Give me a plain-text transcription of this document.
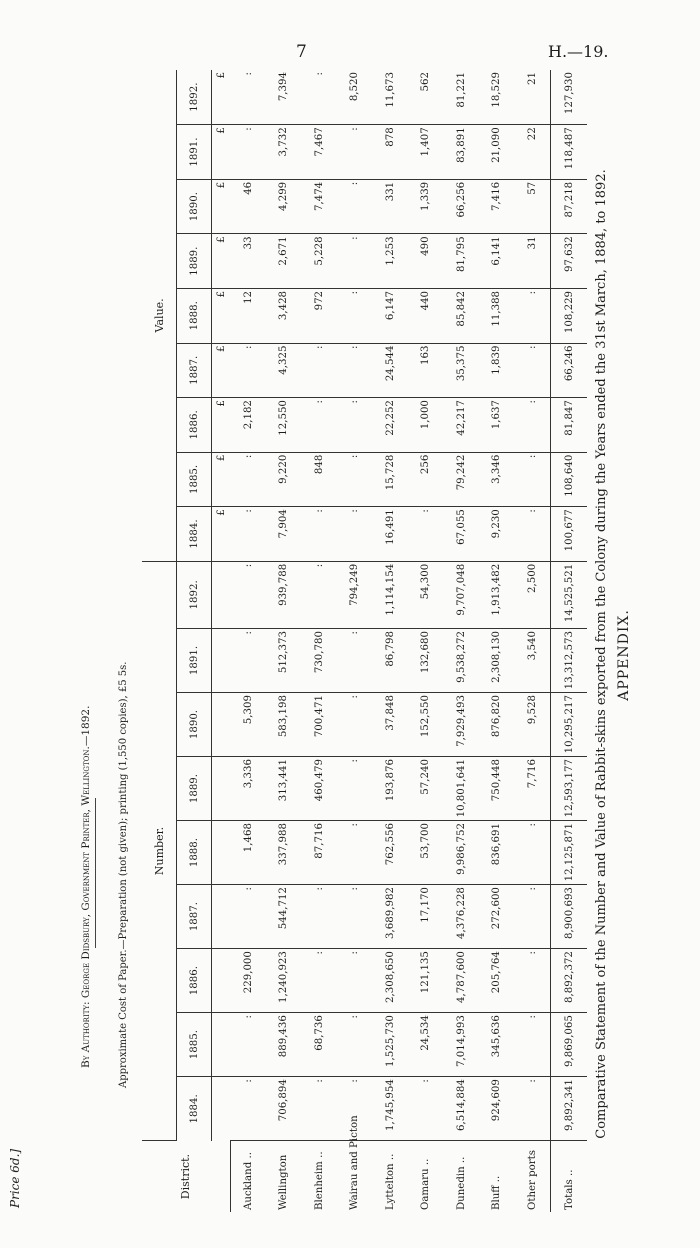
7	H.—19.
APPENDIX.
Comparative Statement of the Number and Value of Rabbit-skins exported from the Colony during the Years ended the 31st March, 1884, to 1892.
District.	Number.									Value.								
	1884.	1885.	1886.	1887.	1888.	1889.	1890.	1891.	1892.	1884.	1885.	1886.	1887.	1888.	1889.	1890.	1891.	1892.
										£	£	£	£	£	£	£	£	£
Auckland ..	:	:	229,000	:	1,468	3,336	5,309	:	:	:	:	2,182	:	12	33	46	:	:
Wellington	706,894	889,436	1,240,923	544,712	337,988	313,441	583,198	512,373	939,788	7,904	9,220	12,550	4,325	3,428	2,671	4,299	3,732	7,394
Blenheim ..	:	68,736	:	:	87,716	460,479	700,471	730,780	:	:	848	:	:	972	5,228	7,474	7,467	:
Wairau and Picton	:	:	:	:	:	:	:	:	794,249	:	:	:	:	:	:	:	:	8,520
Lyttelton ..	1,745,954	1,525,730	2,308,650	3,689,982	762,556	193,876	37,848	86,798	1,114,154	16,491	15,728	22,252	24,544	6,147	1,253	331	878	11,673
Oamaru ..	:	24,534	121,135	17,170	53,700	57,240	152,550	132,680	54,300	:	256	1,000	163	440	490	1,339	1,407	562
Dunedin ..	6,514,884	7,014,993	4,787,600	4,376,228	9,986,752	10,801,641	7,929,493	9,538,272	9,707,048	67,055	79,242	42,217	35,375	85,842	81,795	66,256	83,891	81,221
Bluff ..	924,609	345,636	205,764	272,600	836,691	750,448	876,820	2,308,130	1,913,482	9,230	3,346	1,637	1,839	11,388	6,141	7,416	21,090	18,529
Other ports	:	:	:	:	:	7,716	9,528	3,540	2,500	:	:	:	:	:	31	57	22	21
Totals ..	9,892,341	9,869,065	8,892,372	8,900,693	12,125,871	12,593,177	10,295,217	13,312,573	14,525,521	100,677	108,640	81,847	66,246	108,229	97,632	87,218	118,487	127,930
Approximate Cost of Paper.—Preparation (not given); printing (1,550 copies), £5 5s.
By Authority: George Didsbury, Government Printer, Wellington.—1892.
Price 6d.]
